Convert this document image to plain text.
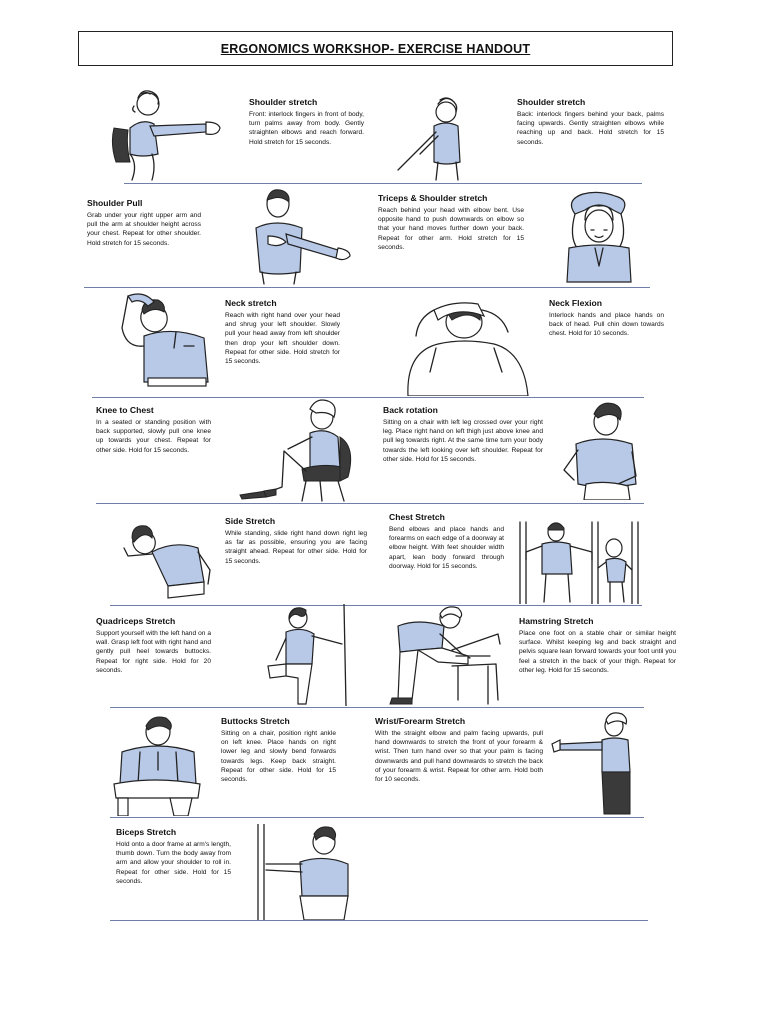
ERGONOMICS WORKSHOP- EXERCISE HANDOUT
Shoulder stretch

Front: interlock fingers in front of body, turn palms away from body. Gently straighten elbows and reach forward. Hold stretch for 15 seconds.

Shoulder stretch

Back: interlock fingers behind your back, palms facing upwards. Gently straighten elbows while reaching up and back. Hold stretch for 15 seconds.

Shoulder Pull

Grab under your right upper arm and pull the arm at shoulder height across your chest. Repeat for other shoulder. Hold stretch for 15 seconds.

Triceps & Shoulder stretch

Reach behind your head with elbow bent. Use opposite hand to push downwards on elbow so that your hand moves further down your back. Repeat for other arm. Hold stretch for 15 seconds.

Neck stretch

Reach with right hand over your head and shrug your left shoulder. Slowly pull your head away from left shoulder then drop your left shoulder down. Repeat for other side. Hold stretch for 15 seconds.

Neck Flexion

Interlock hands and place hands on back of head. Pull chin down towards chest. Hold for 10 seconds.

Knee to Chest

In a seated or standing position with back supported, slowly pull one knee up towards your chest. Repeat for other side. Hold for 15 seconds.

Back rotation

Sitting on a chair with left leg crossed over your right leg. Place right hand on left thigh just above knee and pull leg towards right. At the same time turn your body towards the left looking over left shoulder. Repeat for other side. Hold for 15 seconds.

Side Stretch

While standing, slide right hand down right leg as far as possible, ensuring you are facing straight ahead. Repeat for other side. Hold for 15 seconds.

Chest Stretch

Bend elbows and place hands and forearms on each edge of a doorway at elbow height. With feet shoulder width apart, lean body forward through doorway. Hold for 15 seconds.

Quadriceps Stretch

Support yourself with the left hand on a wall. Grasp left foot with right hand and gently pull heel towards buttocks. Repeat for right side. Hold for 20 seconds.

Hamstring Stretch

Place one foot on a stable chair or similar height surface. Whilst keeping leg and back straight and pelvis square lean forward towards your foot until you feel a stretch in the back of your thigh. Repeat for other leg. Hold for 15 seconds.

Buttocks Stretch

Sitting on a chair, position right ankle on left knee. Place hands on right lower leg and slowly bend forwards towards legs. Keep back straight. Repeat for other side. Hold for 15 seconds.

Wrist/Forearm Stretch

With the straight elbow and palm facing upwards, pull hand downwards to stretch the front of your forearm & wrist. Then turn hand over so that your palm is facing downwards and pull hand downwards to stretch the back of your forearm & wrist. Repeat for other arm. Hold both for 10 seconds.

Biceps Stretch

Hold onto a door frame at arm's length, thumb down. Turn the body away from arm and allow your shoulder to roll in. Repeat for other side. Hold for 15 seconds.
